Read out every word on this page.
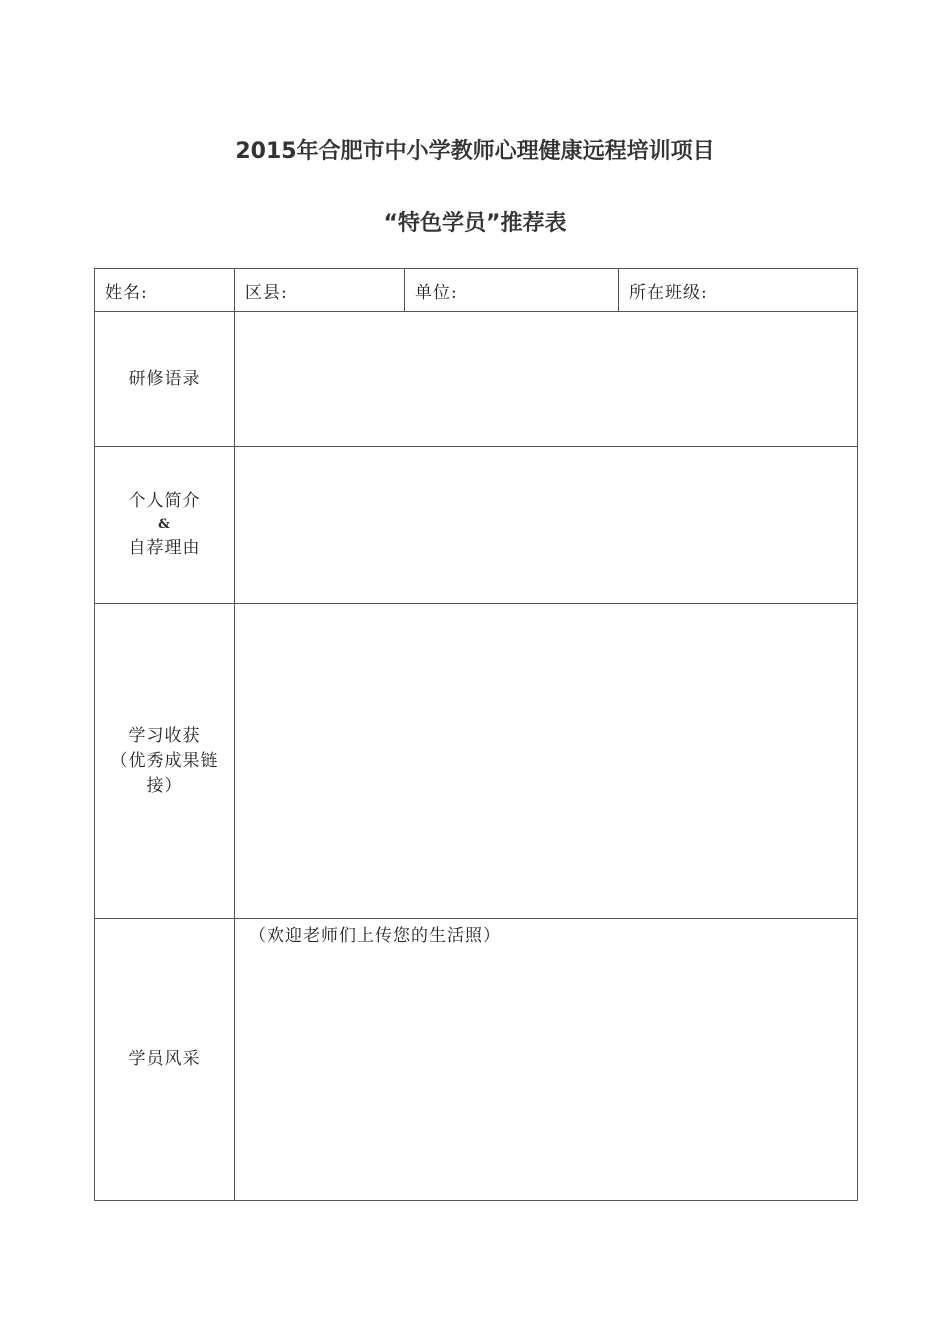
2015年合肥市中小学教师心理健康远程培训项目
“特色学员”推荐表
姓名:	区县:	单位:	所在班级:
研修语录			

个人简介
&
自荐理由			

学习收获
（优秀成果链
接）			

学员风采	（欢迎老师们上传您的生活照）		
